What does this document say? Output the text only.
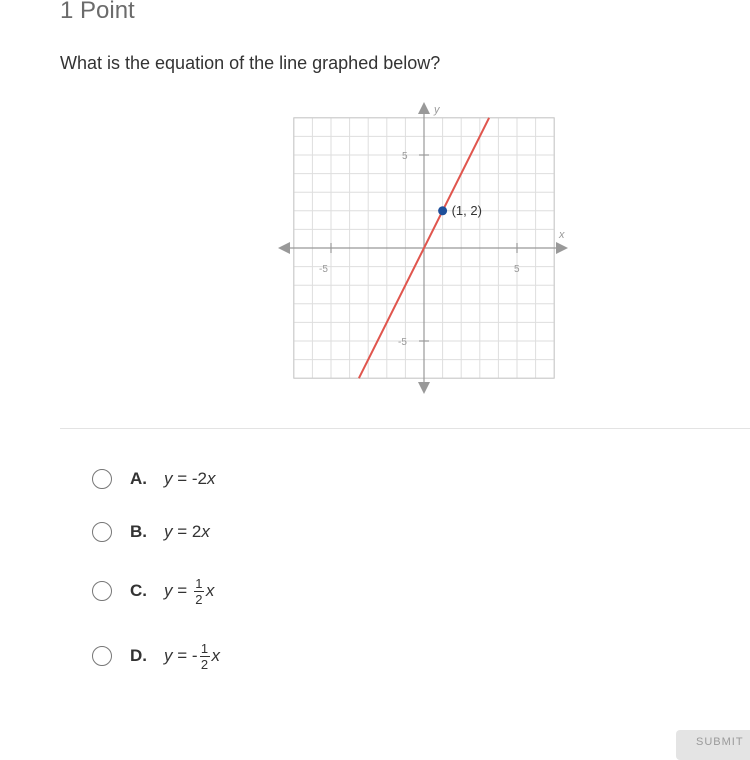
1 Point
What is the equation of the line graphed below?
y
x
-5	5
5
-5
(1, 2)
A.	y = -2 x
B.	y = 2 x
C.	$y = \frac{1}{2}$ x
D.	y = - $\frac{1}{2}$ x
SUBMIT
